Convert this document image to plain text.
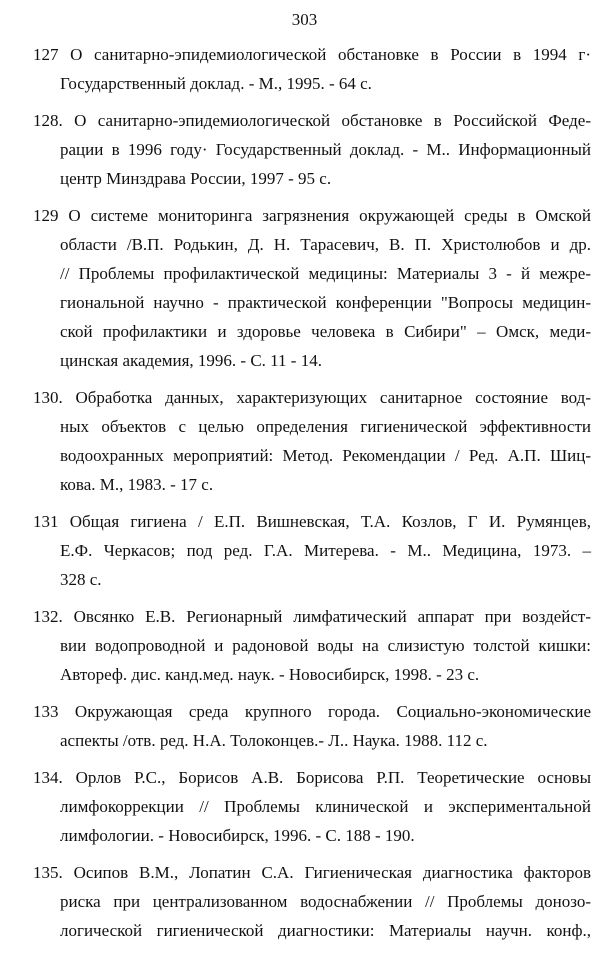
303
127 О санитарно-эпидемиологической обстановке в России в 1994 г·
Государственный доклад. - М., 1995. - 64 с.
128. О санитарно-эпидемиологической обстановке в Российской Феде-
рации в 1996 году· Государственный доклад. - М.. Информационный
центр Минздрава России, 1997 - 95 с.
129 О системе мониторинга загрязнения окружающей среды в Омской
области /В.П. Родькин, Д. Н. Тарасевич, В. П. Христолюбов и др.
// Проблемы профилактической медицины: Материалы 3 - й межре-
гиональной научно - практической конференции "Вопросы медицин-
ской профилактики и здоровье человека в Сибири" – Омск, меди-
цинская академия, 1996. - С. 11 - 14.
130. Обработка данных, характеризующих санитарное состояние вод-
ных объектов с целью определения гигиенической эффективности
водоохранных мероприятий: Метод. Рекомендации / Ред. А.П. Шиц-
кова. М., 1983. - 17 с.
131 Общая гигиена / Е.П. Вишневская, Т.А. Козлов, Г И. Румянцев,
Е.Ф. Черкасов; под ред. Г.А. Митерева. - М.. Медицина, 1973. –
328 с.
132. Овсянко Е.В. Регионарный лимфатический аппарат при воздейст-
вии водопроводной и радоновой воды на слизистую толстой кишки:
Автореф. дис. канд.мед. наук. - Новосибирск, 1998. - 23 с.
133 Окружающая среда крупного города. Социально-экономические
аспекты /отв. ред. Н.А. Толоконцев.- Л.. Наука. 1988. 112 с.
134. Орлов Р.С., Борисов А.В. Борисова Р.П. Теоретические основы
лимфокоррекции // Проблемы клинической и экспериментальной
лимфологии. - Новосибирск, 1996. - С. 188 - 190.
135. Осипов В.М., Лопатин С.А. Гигиеническая диагностика факторов
риска при централизованном водоснабжении // Проблемы донозо-
логической гигиенической диагностики: Материалы научн. конф.,
